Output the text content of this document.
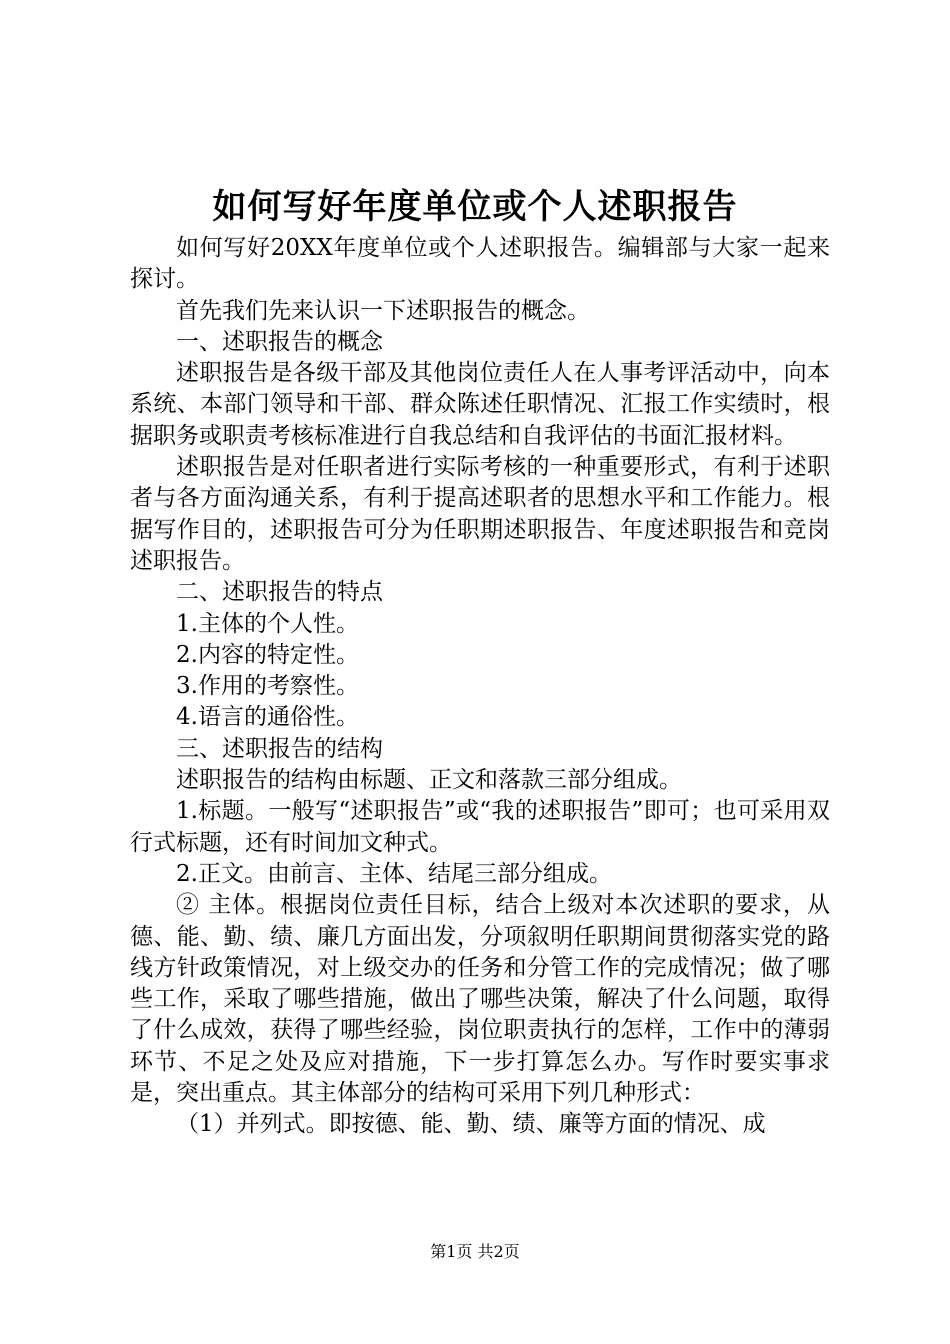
如何写好年度单位或个人述职报告

如何写好20XX年度单位或个人述职报告。编辑部与大家一起来探讨。

首先我们先来认识一下述职报告的概念。

一、述职报告的概念

述职报告是各级干部及其他岗位责任人在人事考评活动中，向本系统、本部门领导和干部、群众陈述任职情况、汇报工作实绩时，根据职务或职责考核标准进行自我总结和自我评估的书面汇报材料。

述职报告是对任职者进行实际考核的一种重要形式，有利于述职者与各方面沟通关系，有利于提高述职者的思想水平和工作能力。根据写作目的，述职报告可分为任职期述职报告、年度述职报告和竞岗述职报告。

二、述职报告的特点

1.主体的个人性。

2.内容的特定性。

3.作用的考察性。

4.语言的通俗性。

三、述职报告的结构

述职报告的结构由标题、正文和落款三部分组成。

1.标题。一般写“述职报告”或“我的述职报告”即可；也可采用双行式标题，还有时间加文种式。

2.正文。由前言、主体、结尾三部分组成。

② 主体。根据岗位责任目标，结合上级对本次述职的要求，从德、能、勤、绩、廉几方面出发，分项叙明任职期间贯彻落实党的路线方针政策情况，对上级交办的任务和分管工作的完成情况；做了哪些工作，采取了哪些措施，做出了哪些决策，解决了什么问题，取得了什么成效，获得了哪些经验，岗位职责执行的怎样，工作中的薄弱环节、不足之处及应对措施，下一步打算怎么办。写作时要实事求是，突出重点。其主体部分的结构可采用下列几种形式：

（1）并列式。即按德、能、勤、绩、廉等方面的情况、成

第1页 共2页
